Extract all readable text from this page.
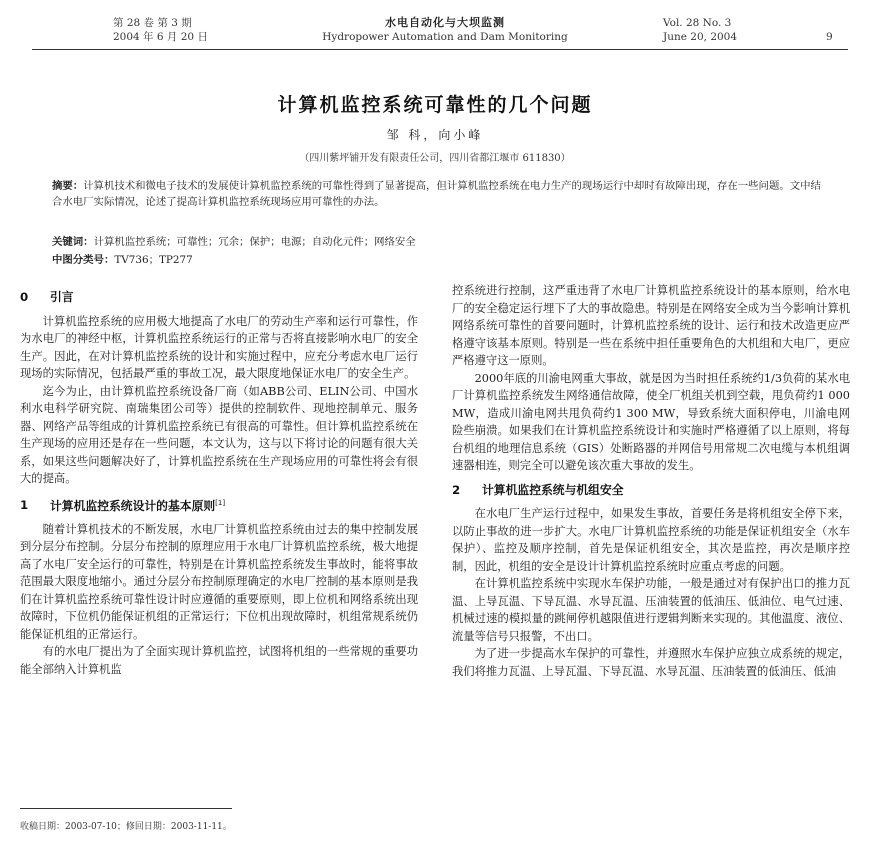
第 28 卷 第 3 期
2004 年 6 月 20 日
水电自动化与大坝监测
Hydropower Automation and Dam Monitoring
Vol. 28 No. 3
June 20, 2004	9
计算机监控系统可靠性的几个问题
邹 科，向小峰
（四川紫坪铺开发有限责任公司，四川省都江堰市 611830）
摘要：计算机技术和微电子技术的发展使计算机监控系统的可靠性得到了显著提高，但计算机监控系统在电力生产的现场运行中却时有故障出现，存在一些问题。文中结合水电厂实际情况，论述了提高计算机监控系统现场应用可靠性的办法。
关键词：计算机监控系统；可靠性；冗余；保护；电源；自动化元件；网络安全
中图分类号：TV736；TP277
0 引言

计算机监控系统的应用极大地提高了水电厂的劳动生产率和运行可靠性，作为水电厂的神经中枢，计算机监控系统运行的正常与否将直接影响水电厂的安全生产。因此，在对计算机监控系统的设计和实施过程中，应充分考虑水电厂运行现场的实际情况，包括最严重的事故工况，最大限度地保证水电厂的安全生产。

迄今为止，由计算机监控系统设备厂商（如ABB公司、ELIN公司、中国水利水电科学研究院、南瑞集团公司等）提供的控制软件、现地控制单元、服务器、网络产品等组成的计算机监控系统已有很高的可靠性。但计算机监控系统在生产现场的应用还是存在一些问题，本文认为，这与以下将讨论的问题有很大关系，如果这些问题解决好了，计算机监控系统在生产现场应用的可靠性将会有很大的提高。

1 计算机监控系统设计的基本原则[1]

随着计算机技术的不断发展，水电厂计算机监控系统由过去的集中控制发展到分层分布控制。分层分布控制的原理应用于水电厂计算机监控系统，极大地提高了水电厂安全运行的可靠性，特别是在计算机监控系统发生事故时，能将事故范围最大限度地缩小。通过分层分布控制原理确定的水电厂控制的基本原则是我们在计算机监控系统可靠性设计时应遵循的重要原则，即上位机和网络系统出现故障时，下位机仍能保证机组的正常运行；下位机出现故障时，机组常规系统仍能保证机组的正常运行。

有的水电厂提出为了全面实现计算机监控，试图将机组的一些常规的重要功能全部纳入计算机监

控系统进行控制，这严重违背了水电厂计算机监控系统设计的基本原则，给水电厂的安全稳定运行埋下了大的事故隐患。特别是在网络安全成为当今影响计算机网络系统可靠性的首要问题时，计算机监控系统的设计、运行和技术改造更应严格遵守该基本原则。特别是一些在系统中担任重要角色的大机组和大电厂，更应严格遵守这一原则。

2000年底的川渝电网重大事故，就是因为当时担任系统约1/3负荷的某水电厂计算机监控系统发生网络通信故障，使全厂机组关机到空载，甩负荷约1 000 MW，造成川渝电网共甩负荷约1 300 MW，导致系统大面积停电，川渝电网险些崩溃。如果我们在计算机监控系统设计和实施时严格遵循了以上原则，将每台机组的地理信息系统（GIS）处断路器的并网信号用常规二次电缆与本机组调速器相连，则完全可以避免该次重大事故的发生。

2 计算机监控系统与机组安全

在水电厂生产运行过程中，如果发生事故，首要任务是将机组安全停下来，以防止事故的进一步扩大。水电厂计算机监控系统的功能是保证机组安全（水车保护）、监控及顺序控制，首先是保证机组安全，其次是监控，再次是顺序控制，因此，机组的安全是设计计算机监控系统时应重点考虑的问题。

在计算机监控系统中实现水车保护功能，一般是通过对有保护出口的推力瓦温、上导瓦温、下导瓦温、水导瓦温、压油装置的低油压、低油位、电气过速、机械过速的模拟量的跳闸停机越限值进行逻辑判断来实现的。其他温度、液位、流量等信号只报警，不出口。

为了进一步提高水车保护的可靠性，并遵照水车保护应独立成系统的规定，我们将推力瓦温、上导瓦温、下导瓦温、水导瓦温、压油装置的低油压、低油

收稿日期：2003-07-10；修回日期：2003-11-11。
